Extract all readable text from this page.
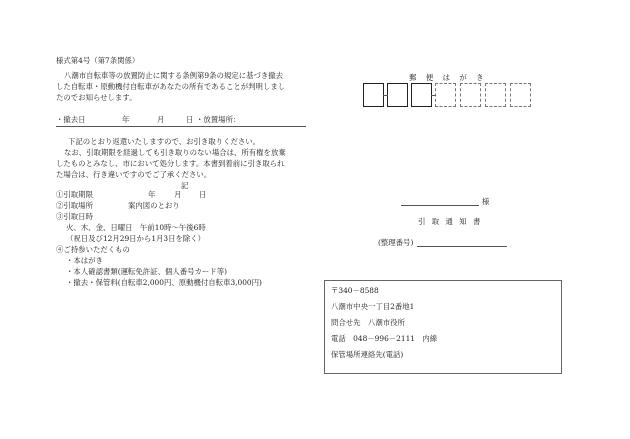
様式第4号（第7条関係）
八潮市自転車等の放置防止に関する条例第9条の規定に基づき撤去
した自転車・原動機付自転車があなたの所有であることが判明しまし
たのでお知らせします。
・撤去日	年	月	日 ・放置場所：
下記のとおり返還いたしますので、お引き取りください。
なお、引取期限を経過しても引き取りのない場合は、所有権を放棄
したものとみなし、市において処分します。本書到着前に引き取られ
た場合は、行き違いですのでご了承ください。
記
①引取期限	年	月 日
②引取場所	案内図のとおり
③引取日時
火、木、金、日曜日　午前10時～午後6時
（祝日及び12月29日から1月3日を除く）
④ご持参いただくもの
・本はがき
・本人確認書類(運転免許証、個人番号カード等)
・撤去・保管料(自転車2,000円、原動機付自転車3,000円)
郵　便　は　が　き
様
引 取 通 知 書
(整理番号)
〒340－8588
八潮市中央一丁目2番地1
問合せ先　八潮市役所
電話　048－996－2111　内線
保管場所連絡先(電話)
